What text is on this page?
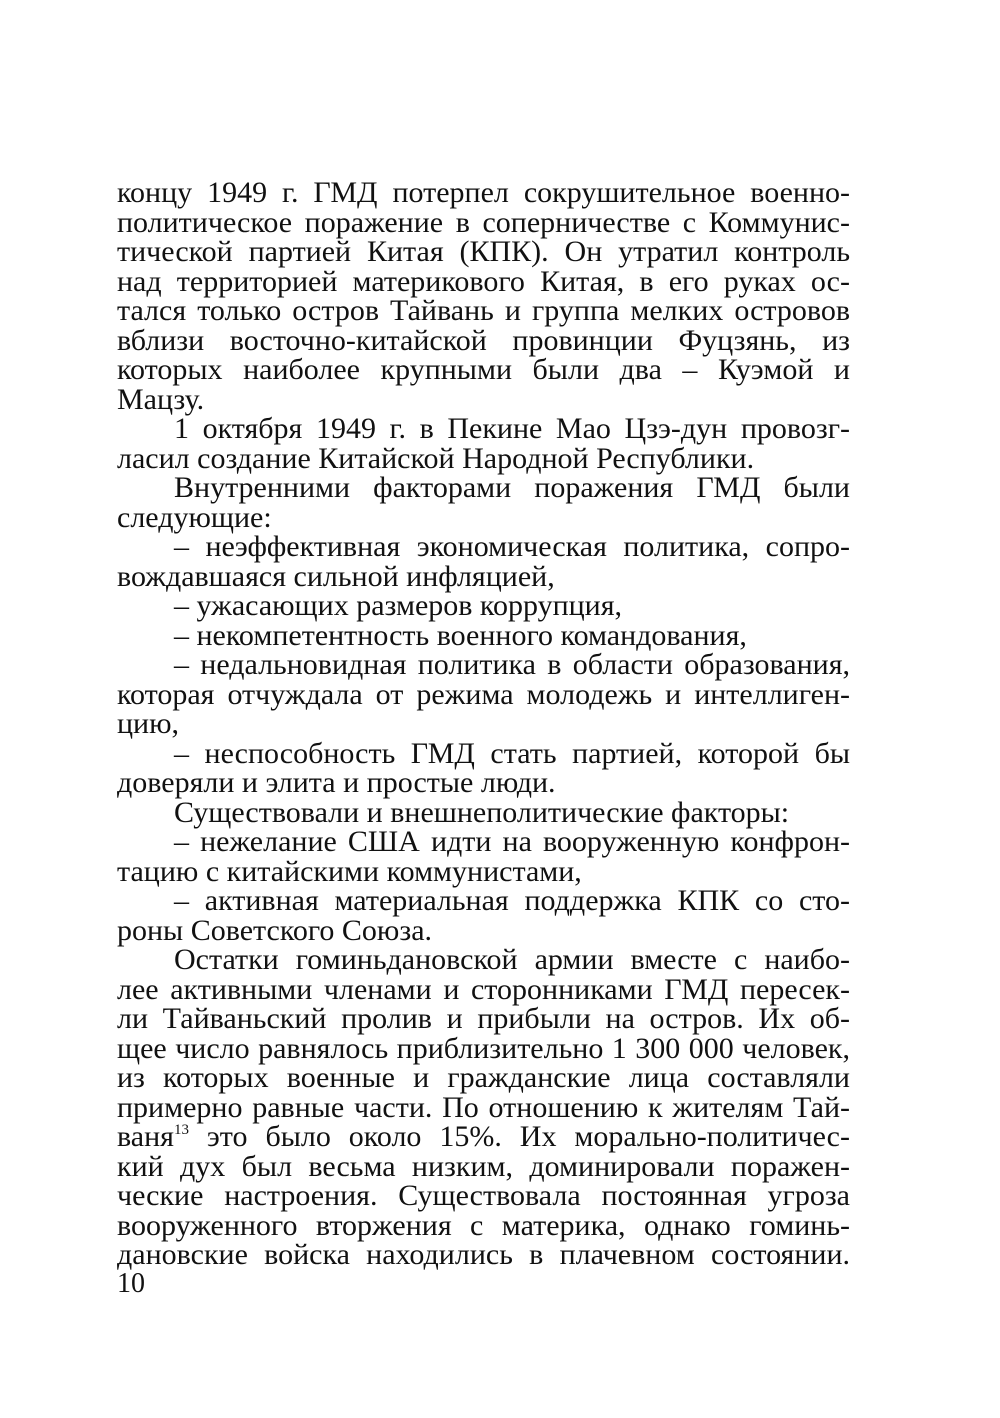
концу 1949 г. ГМД потерпел сокрушительное военно-
политическое поражение в соперничестве с Коммунис-
тической партией Китая (КПК). Он утратил контроль
над территорией материкового Китая, в его руках ос-
тался только остров Тайвань и группа мелких островов
вблизи восточно-китайской провинции Фуцзянь, из
которых наиболее крупными были два – Куэмой и
Мацзу.
1 октября 1949 г. в Пекине Мао Цзэ-дун провозг-
ласил создание Китайской Народной Республики.
Внутренними факторами поражения ГМД были
следующие:
– неэффективная экономическая политика, сопро-
вождавшаяся сильной инфляцией,
– ужасающих размеров коррупция,
– некомпетентность военного командования,
– недальновидная политика в области образования,
которая отчуждала от режима молодежь и интеллиген-
цию,
– неспособность ГМД стать партией, которой бы
доверяли и элита и простые люди.
Существовали и внешнеполитические факторы:
– нежелание США идти на вооруженную конфрон-
тацию с китайскими коммунистами,
– активная материальная поддержка КПК со сто-
роны Советского Союза.
Остатки гоминьдановской армии вместе с наибо-
лее активными членами и сторонниками ГМД пересек-
ли Тайваньский пролив и прибыли на остров. Их об-
щее число равнялось приблизительно 1 300 000 человек,
из которых военные и гражданские лица составляли
примерно равные части. По отношению к жителям Тай-
ваня$^{13}$ это было около 15%. Их морально-политичес-
кий дух был весьма низким, доминировали поражен-
ческие настроения. Существовала постоянная угроза
вооруженного вторжения с материка, однако гоминь-
дановские войска находились в плачевном состоянии.
10
